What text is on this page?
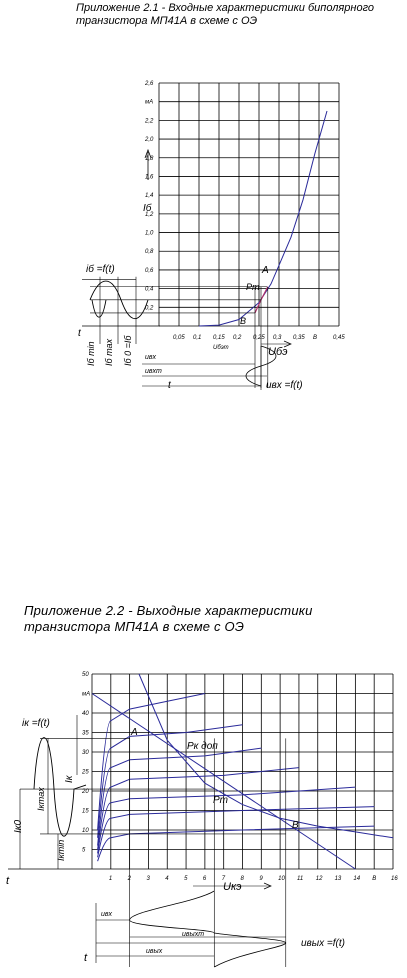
Приложение 2.1 - Входные характеристики биполярного
транзистора МП41А в схеме с ОЭ
0,05 0,1 0,15 0,2 0,25 0,3 0,35 В	0,45
2,6
мА
2,2
2,0
1,8
1,6
1,4
1,2
1,0
0,8
0,6
0,4
0,2
Iб
iб =f(t)	A
Pт
B
t
Iб min Iб max Iб 0 =Iб uвх
uвхm
Uбэ
uвх =f(t)
Uбэm
t
Приложение 2.2 - Выходные характеристики
транзистора МП41А в схеме с ОЭ
1	2	3	4	5	6	7	8	9	10 11 12 13 14 В 16
50
мА
40
35
30
25
20
15
10
5
iк =f(t)
A
Pк доп
Pт
B
Iк
Iкmax
Iк0
Iкmin
t	Uкэ
uвых =f(t)
uвх
uвыхm
uвых
t
